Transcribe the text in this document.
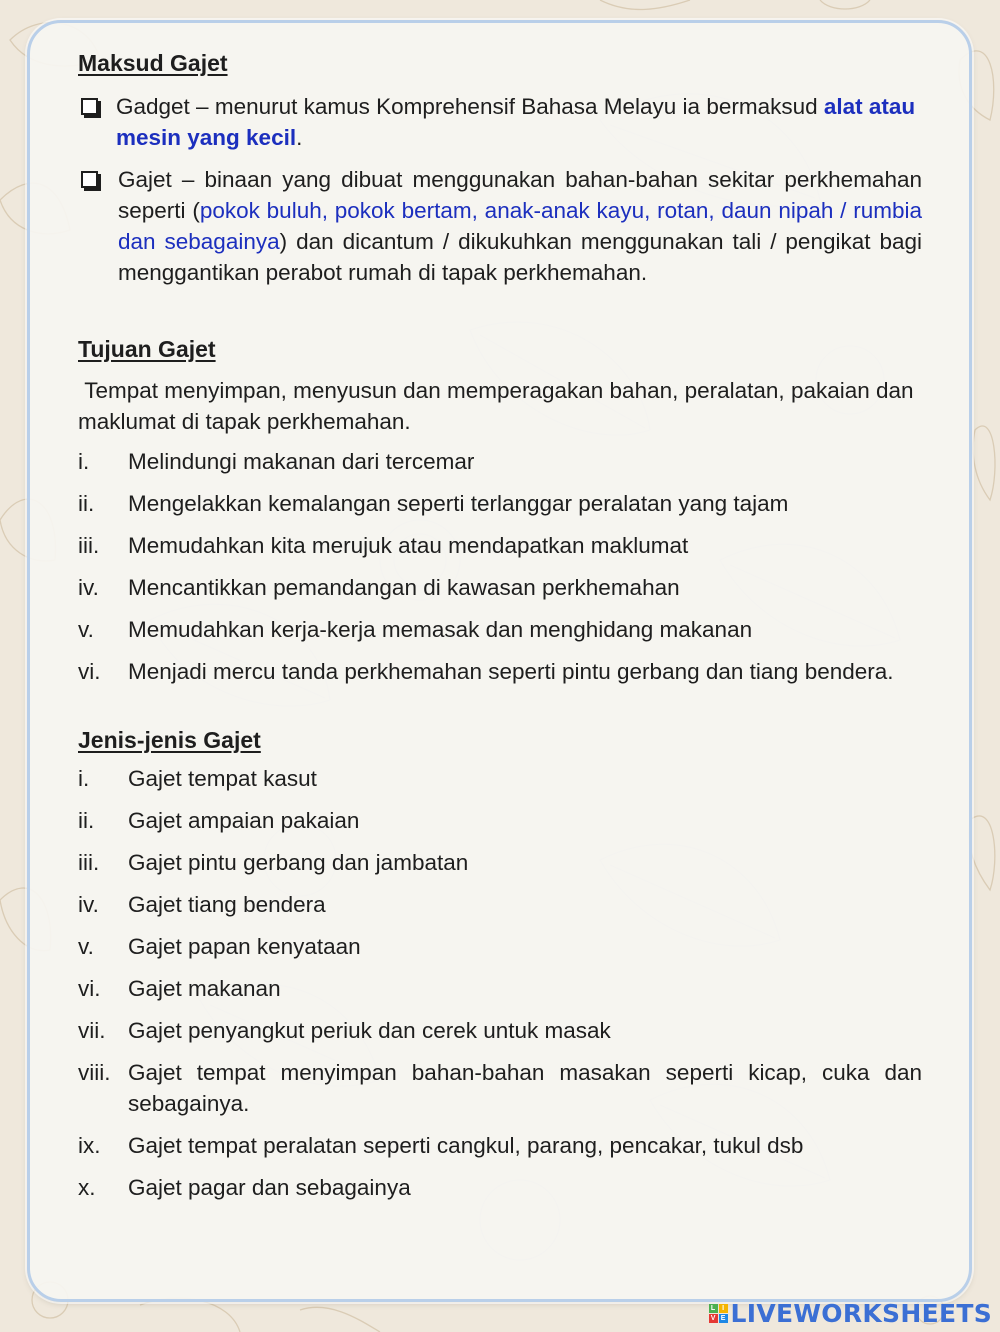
Maksud Gajet
Gadget – menurut kamus Komprehensif Bahasa Melayu ia bermaksud alat atau mesin yang kecil.
Gajet – binaan yang dibuat menggunakan bahan-bahan sekitar perkhemahan seperti (pokok buluh, pokok bertam, anak-anak kayu, rotan, daun nipah / rumbia dan sebagainya) dan dicantum / dikukuhkan menggunakan tali / pengikat bagi menggantikan perabot rumah di tapak perkhemahan.
Tujuan Gajet

Tempat menyimpan, menyusun dan memperagakan bahan, peralatan, pakaian dan maklumat di tapak perkhemahan.

i. Melindungi makanan dari tercemar
ii. Mengelakkan kemalangan seperti terlanggar peralatan yang tajam
iii. Memudahkan kita merujuk atau mendapatkan maklumat
iv. Mencantikkan pemandangan di kawasan perkhemahan
v. Memudahkan kerja-kerja memasak dan menghidang makanan
vi. Menjadi mercu tanda perkhemahan seperti pintu gerbang dan tiang bendera.
Jenis-jenis Gajet
i. Gajet tempat kasut
ii. Gajet ampaian pakaian
iii. Gajet pintu gerbang dan jambatan
iv. Gajet tiang bendera
v. Gajet papan kenyataan
vi. Gajet makanan
vii. Gajet penyangkut periuk dan cerek untuk masak
viii. Gajet tempat menyimpan bahan-bahan masakan seperti kicap, cuka dan sebagainya.
ix. Gajet tempat peralatan seperti cangkul, parang, pencakar, tukul dsb
x. Gajet pagar dan sebagainya
L I
V E LIVEWORKSHEETS
